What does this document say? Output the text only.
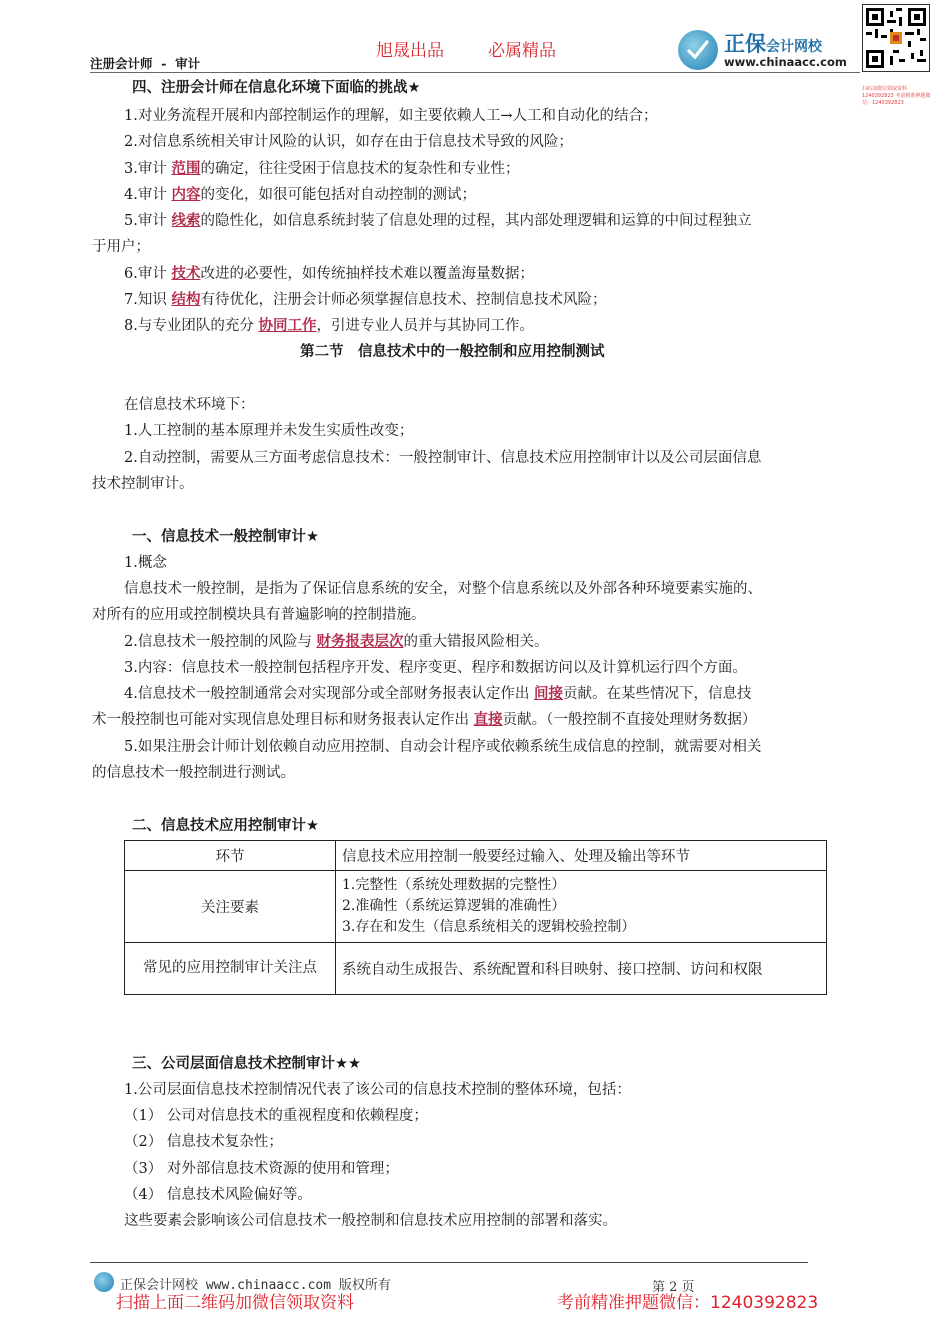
旭晟出品	必属精品
注册会计师 - 审计
正保会计网校
www.chinaacc.com
扫码加微信领取资料 1240392823 考前精准押题微信：1240392823
四、注册会计师在信息化环境下面临的挑战★
1.对业务流程开展和内部控制运作的理解，如主要依赖人工→人工和自动化的结合；
2.对信息系统相关审计风险的认识，如存在由于信息技术导致的风险；
3.审计 范围的确定，往往受困于信息技术的复杂性和专业性；
4.审计 内容的变化，如很可能包括对自动控制的测试；
5.审计 线索的隐性化，如信息系统封装了信息处理的过程，其内部处理逻辑和运算的中间过程独立
于用户；
6.审计 技术改进的必要性，如传统抽样技术难以覆盖海量数据；
7.知识 结构有待优化，注册会计师必须掌握信息技术、控制信息技术风险；
8.与专业团队的充分 协同工作，引进专业人员并与其协同工作。
第二节　信息技术中的一般控制和应用控制测试
在信息技术环境下：
1.人工控制的基本原理并未发生实质性改变；
2.自动控制，需要从三方面考虑信息技术：一般控制审计、信息技术应用控制审计以及公司层面信息
技术控制审计。
一、信息技术一般控制审计★
1.概念
信息技术一般控制，是指为了保证信息系统的安全，对整个信息系统以及外部各种环境要素实施的、
对所有的应用或控制模块具有普遍影响的控制措施。
2.信息技术一般控制的风险与 财务报表层次的重大错报风险相关。
3.内容：信息技术一般控制包括程序开发、程序变更、程序和数据访问以及计算机运行四个方面。
4.信息技术一般控制通常会对实现部分或全部财务报表认定作出 间接贡献。在某些情况下，信息技
术一般控制也可能对实现信息处理目标和财务报表认定作出 直接贡献。（一般控制不直接处理财务数据）
5.如果注册会计师计划依赖自动应用控制、自动会计程序或依赖系统生成信息的控制，就需要对相关
的信息技术一般控制进行测试。
二、信息技术应用控制审计★
环节	信息技术应用控制一般要经过输入、处理及输出等环节
关注要素	1.完整性（系统处理数据的完整性）
2.准确性（系统运算逻辑的准确性）
3.存在和发生（信息系统相关的逻辑校验控制）

常见的应用控制审计关注点	系统自动生成报告、系统配置和科目映射、接口控制、访问和权限
三、公司层面信息技术控制审计★★
1.公司层面信息技术控制情况代表了该公司的信息技术控制的整体环境，包括：
（1） 公司对信息技术的重视程度和依赖程度；
（2） 信息技术复杂性；
（3） 对外部信息技术资源的使用和管理；
（4） 信息技术风险偏好等。
这些要素会影响该公司信息技术一般控制和信息技术应用控制的部署和落实。
正保会计网校 www.chinaacc.com 版权所有	第 2 页
扫描上面二维码加微信领取资料	考前精准押题微信：1240392823
